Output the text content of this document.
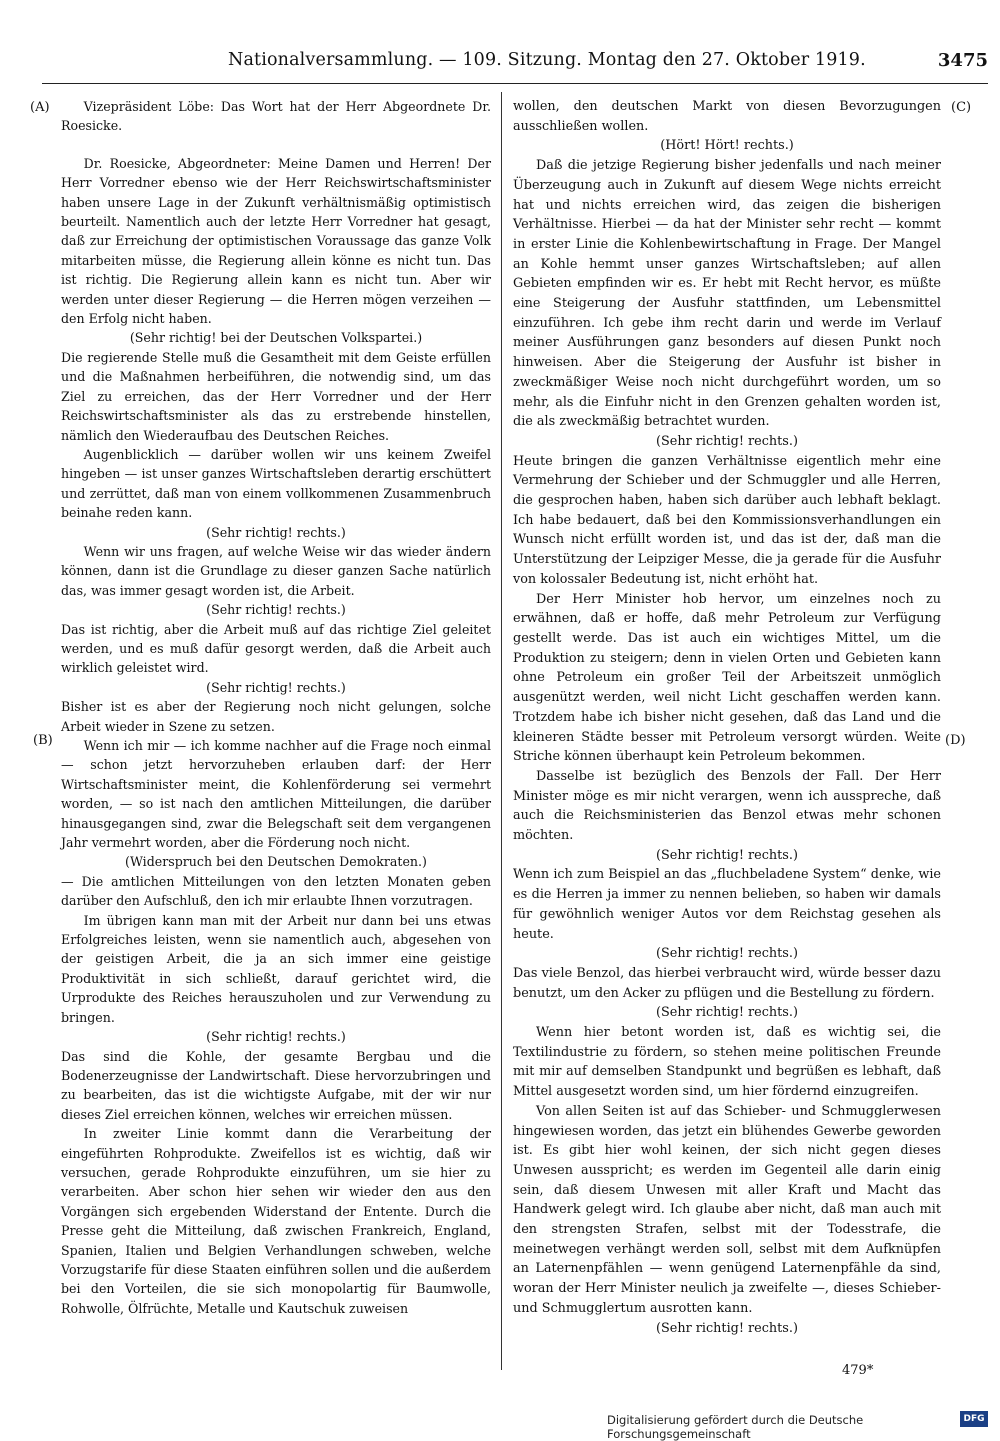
Nationalversammlung. — 109. Sitzung. Montag den 27. Oktober 1919.	3475
(A)	(C)
(B)	(D)

Vizepräsident Löbe: Das Wort hat der Herr Abgeordnete Dr. Roesicke.

Dr. Roesicke, Abgeordneter: Meine Damen und Herren! Der Herr Vorredner ebenso wie der Herr Reichswirtschaftsminister haben unsere Lage in der Zukunft verhältnismäßig optimistisch beurteilt. Namentlich auch der letzte Herr Vorredner hat gesagt, daß zur Erreichung der optimistischen Voraussage das ganze Volk mitarbeiten müsse, die Regierung allein könne es nicht tun. Das ist richtig. Die Regierung allein kann es nicht tun. Aber wir werden unter dieser Regierung — die Herren mögen verzeihen — den Erfolg nicht haben.

(Sehr richtig! bei der Deutschen Volkspartei.)

Die regierende Stelle muß die Gesamtheit mit dem Geiste erfüllen und die Maßnahmen herbeiführen, die notwendig sind, um das Ziel zu erreichen, das der Herr Vorredner und der Herr Reichswirtschaftsminister als das zu erstrebende hinstellen, nämlich den Wiederaufbau des Deutschen Reiches.

Augenblicklich — darüber wollen wir uns keinem Zweifel hingeben — ist unser ganzes Wirtschaftsleben derartig erschüttert und zerrüttet, daß man von einem vollkommenen Zusammenbruch beinahe reden kann.

(Sehr richtig! rechts.)

Wenn wir uns fragen, auf welche Weise wir das wieder ändern können, dann ist die Grundlage zu dieser ganzen Sache natürlich das, was immer gesagt worden ist, die Arbeit.

(Sehr richtig! rechts.)

Das ist richtig, aber die Arbeit muß auf das richtige Ziel geleitet werden, und es muß dafür gesorgt werden, daß die Arbeit auch wirklich geleistet wird.

(Sehr richtig! rechts.)

Bisher ist es aber der Regierung noch nicht gelungen, solche Arbeit wieder in Szene zu setzen.

Wenn ich mir — ich komme nachher auf die Frage noch einmal — schon jetzt hervorzuheben erlauben darf: der Herr Wirtschaftsminister meint, die Kohlenförderung sei vermehrt worden, — so ist nach den amtlichen Mitteilungen, die darüber hinausgegangen sind, zwar die Belegschaft seit dem vergangenen Jahr vermehrt worden, aber die Förderung noch nicht.

(Widerspruch bei den Deutschen Demokraten.)

— Die amtlichen Mitteilungen von den letzten Monaten geben darüber den Aufschluß, den ich mir erlaubte Ihnen vorzutragen.

Im übrigen kann man mit der Arbeit nur dann bei uns etwas Erfolgreiches leisten, wenn sie namentlich auch, abgesehen von der geistigen Arbeit, die ja an sich immer eine geistige Produktivität in sich schließt, darauf gerichtet wird, die Urprodukte des Reiches herauszuholen und zur Verwendung zu bringen.

(Sehr richtig! rechts.)

Das sind die Kohle, der gesamte Bergbau und die Bodenerzeugnisse der Landwirtschaft. Diese hervorzubringen und zu bearbeiten, das ist die wichtigste Aufgabe, mit der wir nur dieses Ziel erreichen können, welches wir erreichen müssen.

In zweiter Linie kommt dann die Verarbeitung der eingeführten Rohprodukte. Zweifellos ist es wichtig, daß wir versuchen, gerade Rohprodukte einzuführen, um sie hier zu verarbeiten. Aber schon hier sehen wir wieder den aus den Vorgängen sich ergebenden Widerstand der Entente. Durch die Presse geht die Mitteilung, daß zwischen Frankreich, England, Spanien, Italien und Belgien Verhandlungen schweben, welche Vorzugstarife für diese Staaten einführen sollen und die außerdem bei den Vorteilen, die sie sich monopolartig für Baumwolle, Rohwolle, Ölfrüchte, Metalle und Kautschuk zuweisen

wollen, den deutschen Markt von diesen Bevorzugungen ausschließen wollen.

(Hört! Hört! rechts.)

Daß die jetzige Regierung bisher jedenfalls und nach meiner Überzeugung auch in Zukunft auf diesem Wege nichts erreicht hat und nichts erreichen wird, das zeigen die bisherigen Verhältnisse. Hierbei — da hat der Minister sehr recht — kommt in erster Linie die Kohlenbewirtschaftung in Frage. Der Mangel an Kohle hemmt unser ganzes Wirtschaftsleben; auf allen Gebieten empfinden wir es. Er hebt mit Recht hervor, es müßte eine Steigerung der Ausfuhr stattfinden, um Lebensmittel einzuführen. Ich gebe ihm recht darin und werde im Verlauf meiner Ausführungen ganz besonders auf diesen Punkt noch hinweisen. Aber die Steigerung der Ausfuhr ist bisher in zweckmäßiger Weise noch nicht durchgeführt worden, um so mehr, als die Einfuhr nicht in den Grenzen gehalten worden ist, die als zweckmäßig betrachtet wurden.

(Sehr richtig! rechts.)

Heute bringen die ganzen Verhältnisse eigentlich mehr eine Vermehrung der Schieber und der Schmuggler und alle Herren, die gesprochen haben, haben sich darüber auch lebhaft beklagt. Ich habe bedauert, daß bei den Kommissionsverhandlungen ein Wunsch nicht erfüllt worden ist, und das ist der, daß man die Unterstützung der Leipziger Messe, die ja gerade für die Ausfuhr von kolossaler Bedeutung ist, nicht erhöht hat.

Der Herr Minister hob hervor, um einzelnes noch zu erwähnen, daß er hoffe, daß mehr Petroleum zur Verfügung gestellt werde. Das ist auch ein wichtiges Mittel, um die Produktion zu steigern; denn in vielen Orten und Gebieten kann ohne Petroleum ein großer Teil der Arbeitszeit unmöglich ausgenützt werden, weil nicht Licht geschaffen werden kann. Trotzdem habe ich bisher nicht gesehen, daß das Land und die kleineren Städte besser mit Petroleum versorgt würden. Weite Striche können überhaupt kein Petroleum bekommen.

Dasselbe ist bezüglich des Benzols der Fall. Der Herr Minister möge es mir nicht verargen, wenn ich ausspreche, daß auch die Reichsministerien das Benzol etwas mehr schonen möchten.

(Sehr richtig! rechts.)

Wenn ich zum Beispiel an das „fluchbeladene System“ denke, wie es die Herren ja immer zu nennen belieben, so haben wir damals für gewöhnlich weniger Autos vor dem Reichstag gesehen als heute.

(Sehr richtig! rechts.)

Das viele Benzol, das hierbei verbraucht wird, würde besser dazu benutzt, um den Acker zu pflügen und die Bestellung zu fördern.

(Sehr richtig! rechts.)

Wenn hier betont worden ist, daß es wichtig sei, die Textilindustrie zu fördern, so stehen meine politischen Freunde mit mir auf demselben Standpunkt und begrüßen es lebhaft, daß Mittel ausgesetzt worden sind, um hier fördernd einzugreifen.

Von allen Seiten ist auf das Schieber- und Schmugglerwesen hingewiesen worden, das jetzt ein blühendes Gewerbe geworden ist. Es gibt hier wohl keinen, der sich nicht gegen dieses Unwesen ausspricht; es werden im Gegenteil alle darin einig sein, daß diesem Unwesen mit aller Kraft und Macht das Handwerk gelegt wird. Ich glaube aber nicht, daß man auch mit den strengsten Strafen, selbst mit der Todesstrafe, die meinetwegen verhängt werden soll, selbst mit dem Aufknüpfen an Laternenpfählen — wenn genügend Laternenpfähle da sind, woran der Herr Minister neulich ja zweifelte —, dieses Schieber- und Schmugglertum ausrotten kann.

(Sehr richtig! rechts.)

479*
Digitalisierung gefördert durch die Deutsche Forschungsgemeinschaft
DFG
